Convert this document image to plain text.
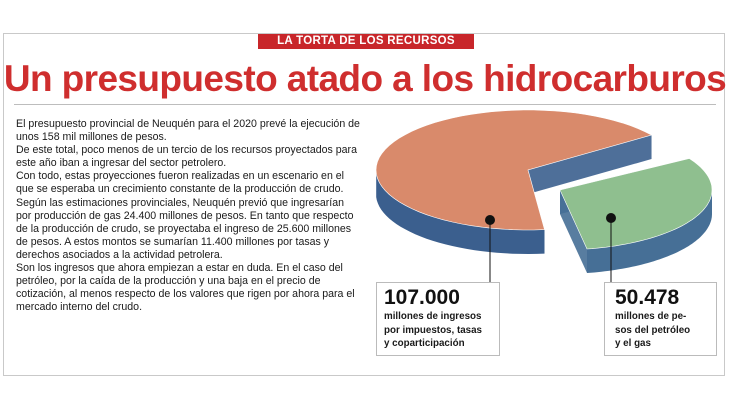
LA TORTA DE LOS RECURSOS
Un presupuesto atado a los hidrocarburos

El presupuesto provincial de Neuquén para el 2020 prevé la ejecución de unos 158 mil millones de pesos.

De este total, poco menos de un tercio de los recursos proyectados para este año iban a ingresar del sector petrolero.

Con todo, estas proyecciones fueron realizadas en un escenario en el que se esperaba un crecimiento constante de la producción de crudo.

Según las estimaciones provinciales, Neuquén previó que ingresarían por producción de gas 24.400 millones de pesos. En tanto que respecto de la producción de crudo, se proyectaba el ingreso de 25.600 millones de pesos. A estos montos se sumarían 11.400 millones por tasas y derechos asociados a la actividad petrolera.

Son los ingresos que ahora empiezan a estar en duda. En el caso del petróleo, por la caída de la producción y una baja en el precio de cotización, al menos respecto de los valores que rigen por ahora para el mercado interno del crudo.	107.000
millones de ingresos
por impuestos, tasas
y coparticipación
50.478
millones de pe-
sos del petróleo
y el gas
